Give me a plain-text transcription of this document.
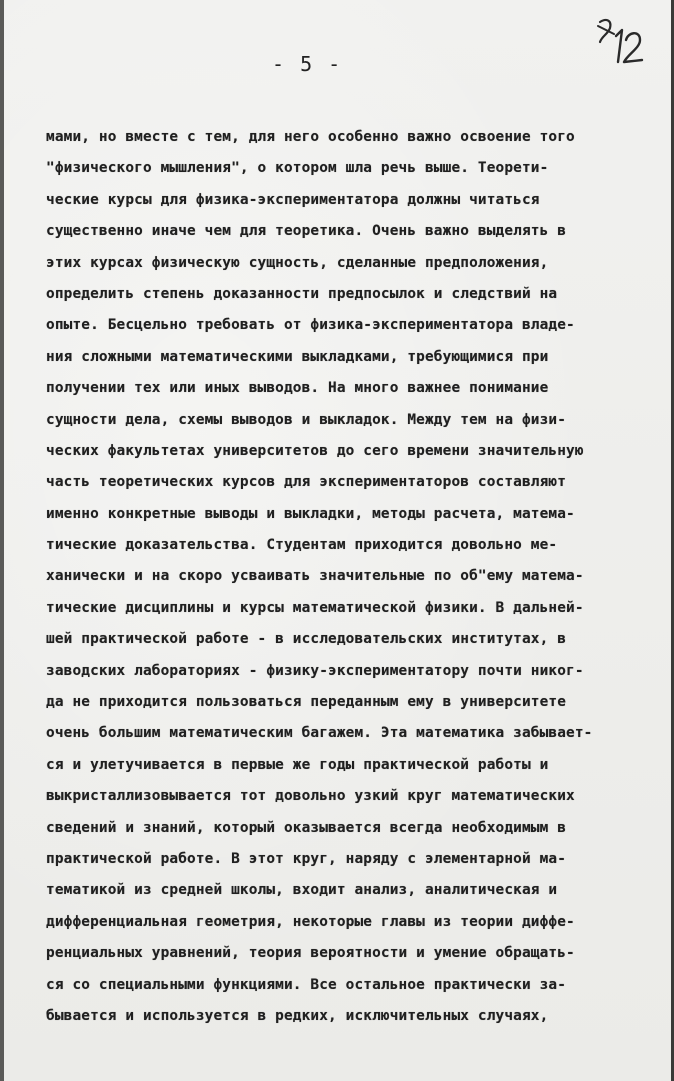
- 5 -
мами, но вместе с тем, для него особенно важно освоение того
"физического мышления", о котором шла речь выше. Теорети-
ческие курсы для физика-экспериментатора должны читаться
существенно иначе чем для теоретика. Очень важно выделять в
этих курсах физическую сущность, сделанные предположения,
определить степень доказанности предпосылок и следствий на
опыте. Бесцельно требовать от физика-экспериментатора владе-
ния сложными математическими выкладками, требующимися при
получении тех или иных выводов. На много важнее понимание
сущности дела, схемы выводов и выкладок. Между тем на физи-
ческих факультетах университетов до сего времени значительную
часть теоретических курсов для экспериментаторов составляют
именно конкретные выводы и выкладки, методы расчета, матема-
тические доказательства. Студентам приходится довольно ме-
ханически и на скоро усваивать значительные по об"ему матема-
тические дисциплины и курсы математической физики. В дальней-
шей практической работе - в исследовательских институтах, в
заводских лабораториях - физику-экспериментатору почти никог-
да не приходится пользоваться переданным ему в университете
очень большим математическим багажем. Эта математика забывает-
ся и улетучивается в первые же годы практической работы и
выкристаллизовывается тот довольно узкий круг математических
сведений и знаний, который оказывается всегда необходимым в
практической работе. В этот круг, наряду с элементарной ма-
тематикой из средней школы, входит анализ, аналитическая и
дифференциальная геометрия, некоторые главы из теории диффе-
ренциальных уравнений, теория вероятности и умение обращать-
ся со специальными функциями. Все остальное практически за-
бывается и используется в редких, исключительных случаях,
